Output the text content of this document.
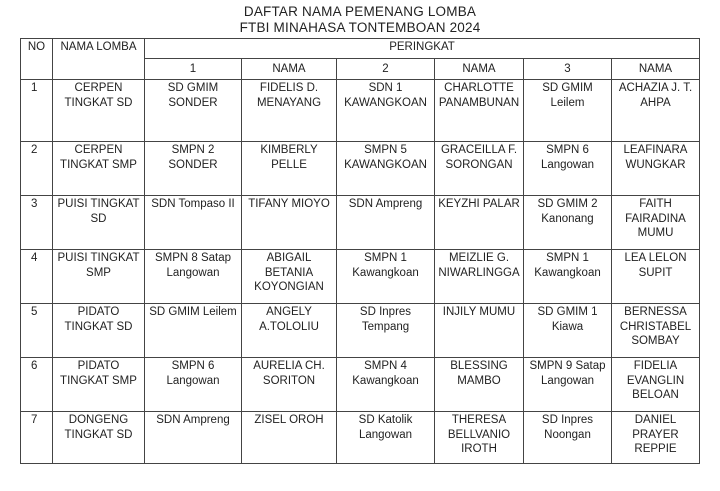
DAFTAR NAMA PEMENANG LOMBA
FTBI MINAHASA TONTEMBOAN 2024
NO	NAMA LOMBA	PERINGKAT					

		1	NAMA	2	NAMA	3	NAMA

1	CERPEN TINGKAT SD	SD GMIM SONDER	FIDELIS D. MENAYANG	SDN 1 KAWANGKOAN	CHARLOTTE PANAMBUNAN	SD GMIM Leilem	ACHAZIA J. T. AHPA

2	CERPEN TINGKAT SMP	SMPN 2 SONDER	KIMBERLY PELLE	SMPN 5 KAWANGKOAN	GRACEILLA F. SORONGAN	SMPN 6 Langowan	LEAFINARA WUNGKAR

3	PUISI TINGKAT SD	SDN Tompaso II	TIFANY MIOYO	SDN Ampreng	KEYZHI PALAR	SD GMIM 2 Kanonang	FAITH FAIRADINA MUMU

4	PUISI TINGKAT SMP	SMPN 8 Satap Langowan	ABIGAIL BETANIA KOYONGIAN	SMPN 1 Kawangkoan	MEIZLIE G. NIWARLINGGA	SMPN 1 Kawangkoan	LEA LELON SUPIT

5	PIDATO TINGKAT SD	SD GMIM Leilem	ANGELY A.TOLOLIU	SD Inpres Tempang	INJILY MUMU	SD GMIM 1 Kiawa	BERNESSA CHRISTABEL SOMBAY

6	PIDATO TINGKAT SMP	SMPN 6 Langowan	AURELIA CH. SORITON	SMPN 4 Kawangkoan	BLESSING MAMBO	SMPN 9 Satap Langowan	FIDELIA EVANGLIN BELOAN

7	DONGENG TINGKAT SD	SDN Ampreng	ZISEL OROH	SD Katolik Langowan	THERESA BELLVANIO IROTH	SD Inpres Noongan	DANIEL PRAYER REPPIE
